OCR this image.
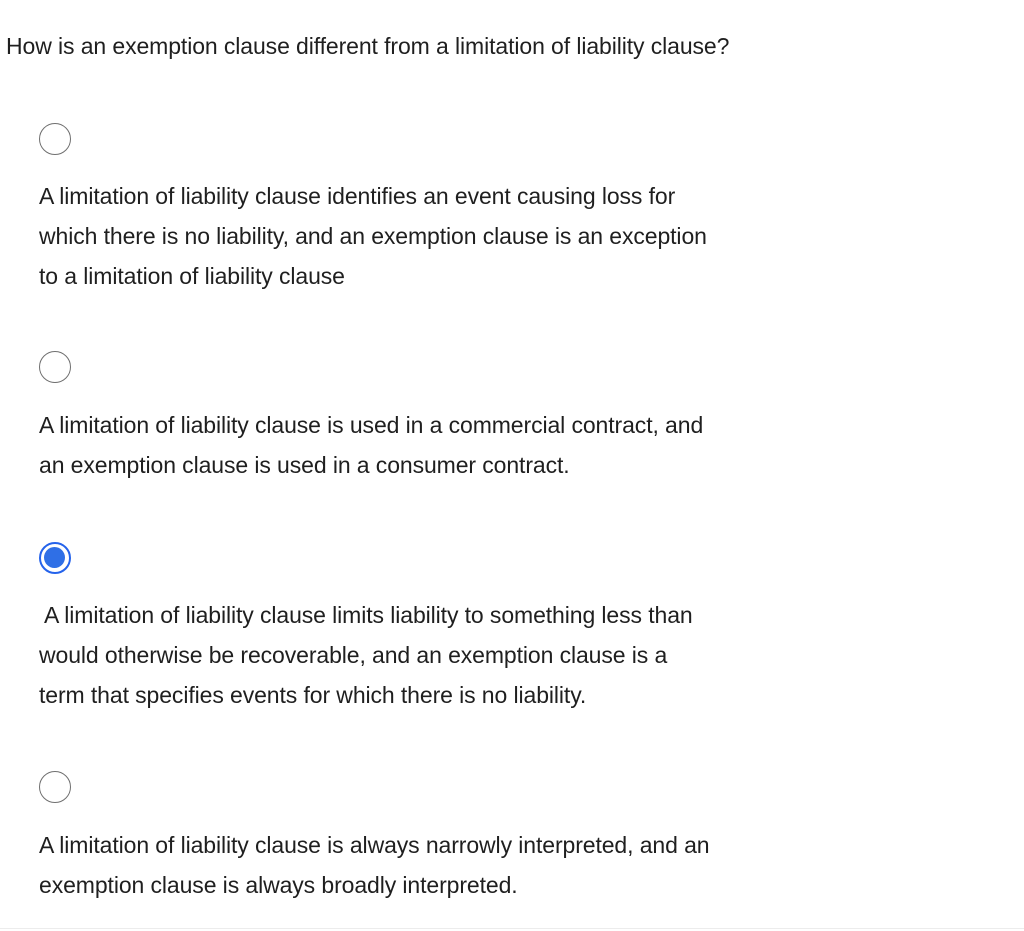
How is an exemption clause different from a limitation of liability clause?
A limitation of liability clause identifies an event causing loss for
which there is no liability, and an exemption clause is an exception
to a limitation of liability clause
A limitation of liability clause is used in a commercial contract, and
an exemption clause is used in a consumer contract.
A limitation of liability clause limits liability to something less than
would otherwise be recoverable, and an exemption clause is a
term that specifies events for which there is no liability.
A limitation of liability clause is always narrowly interpreted, and an
exemption clause is always broadly interpreted.
